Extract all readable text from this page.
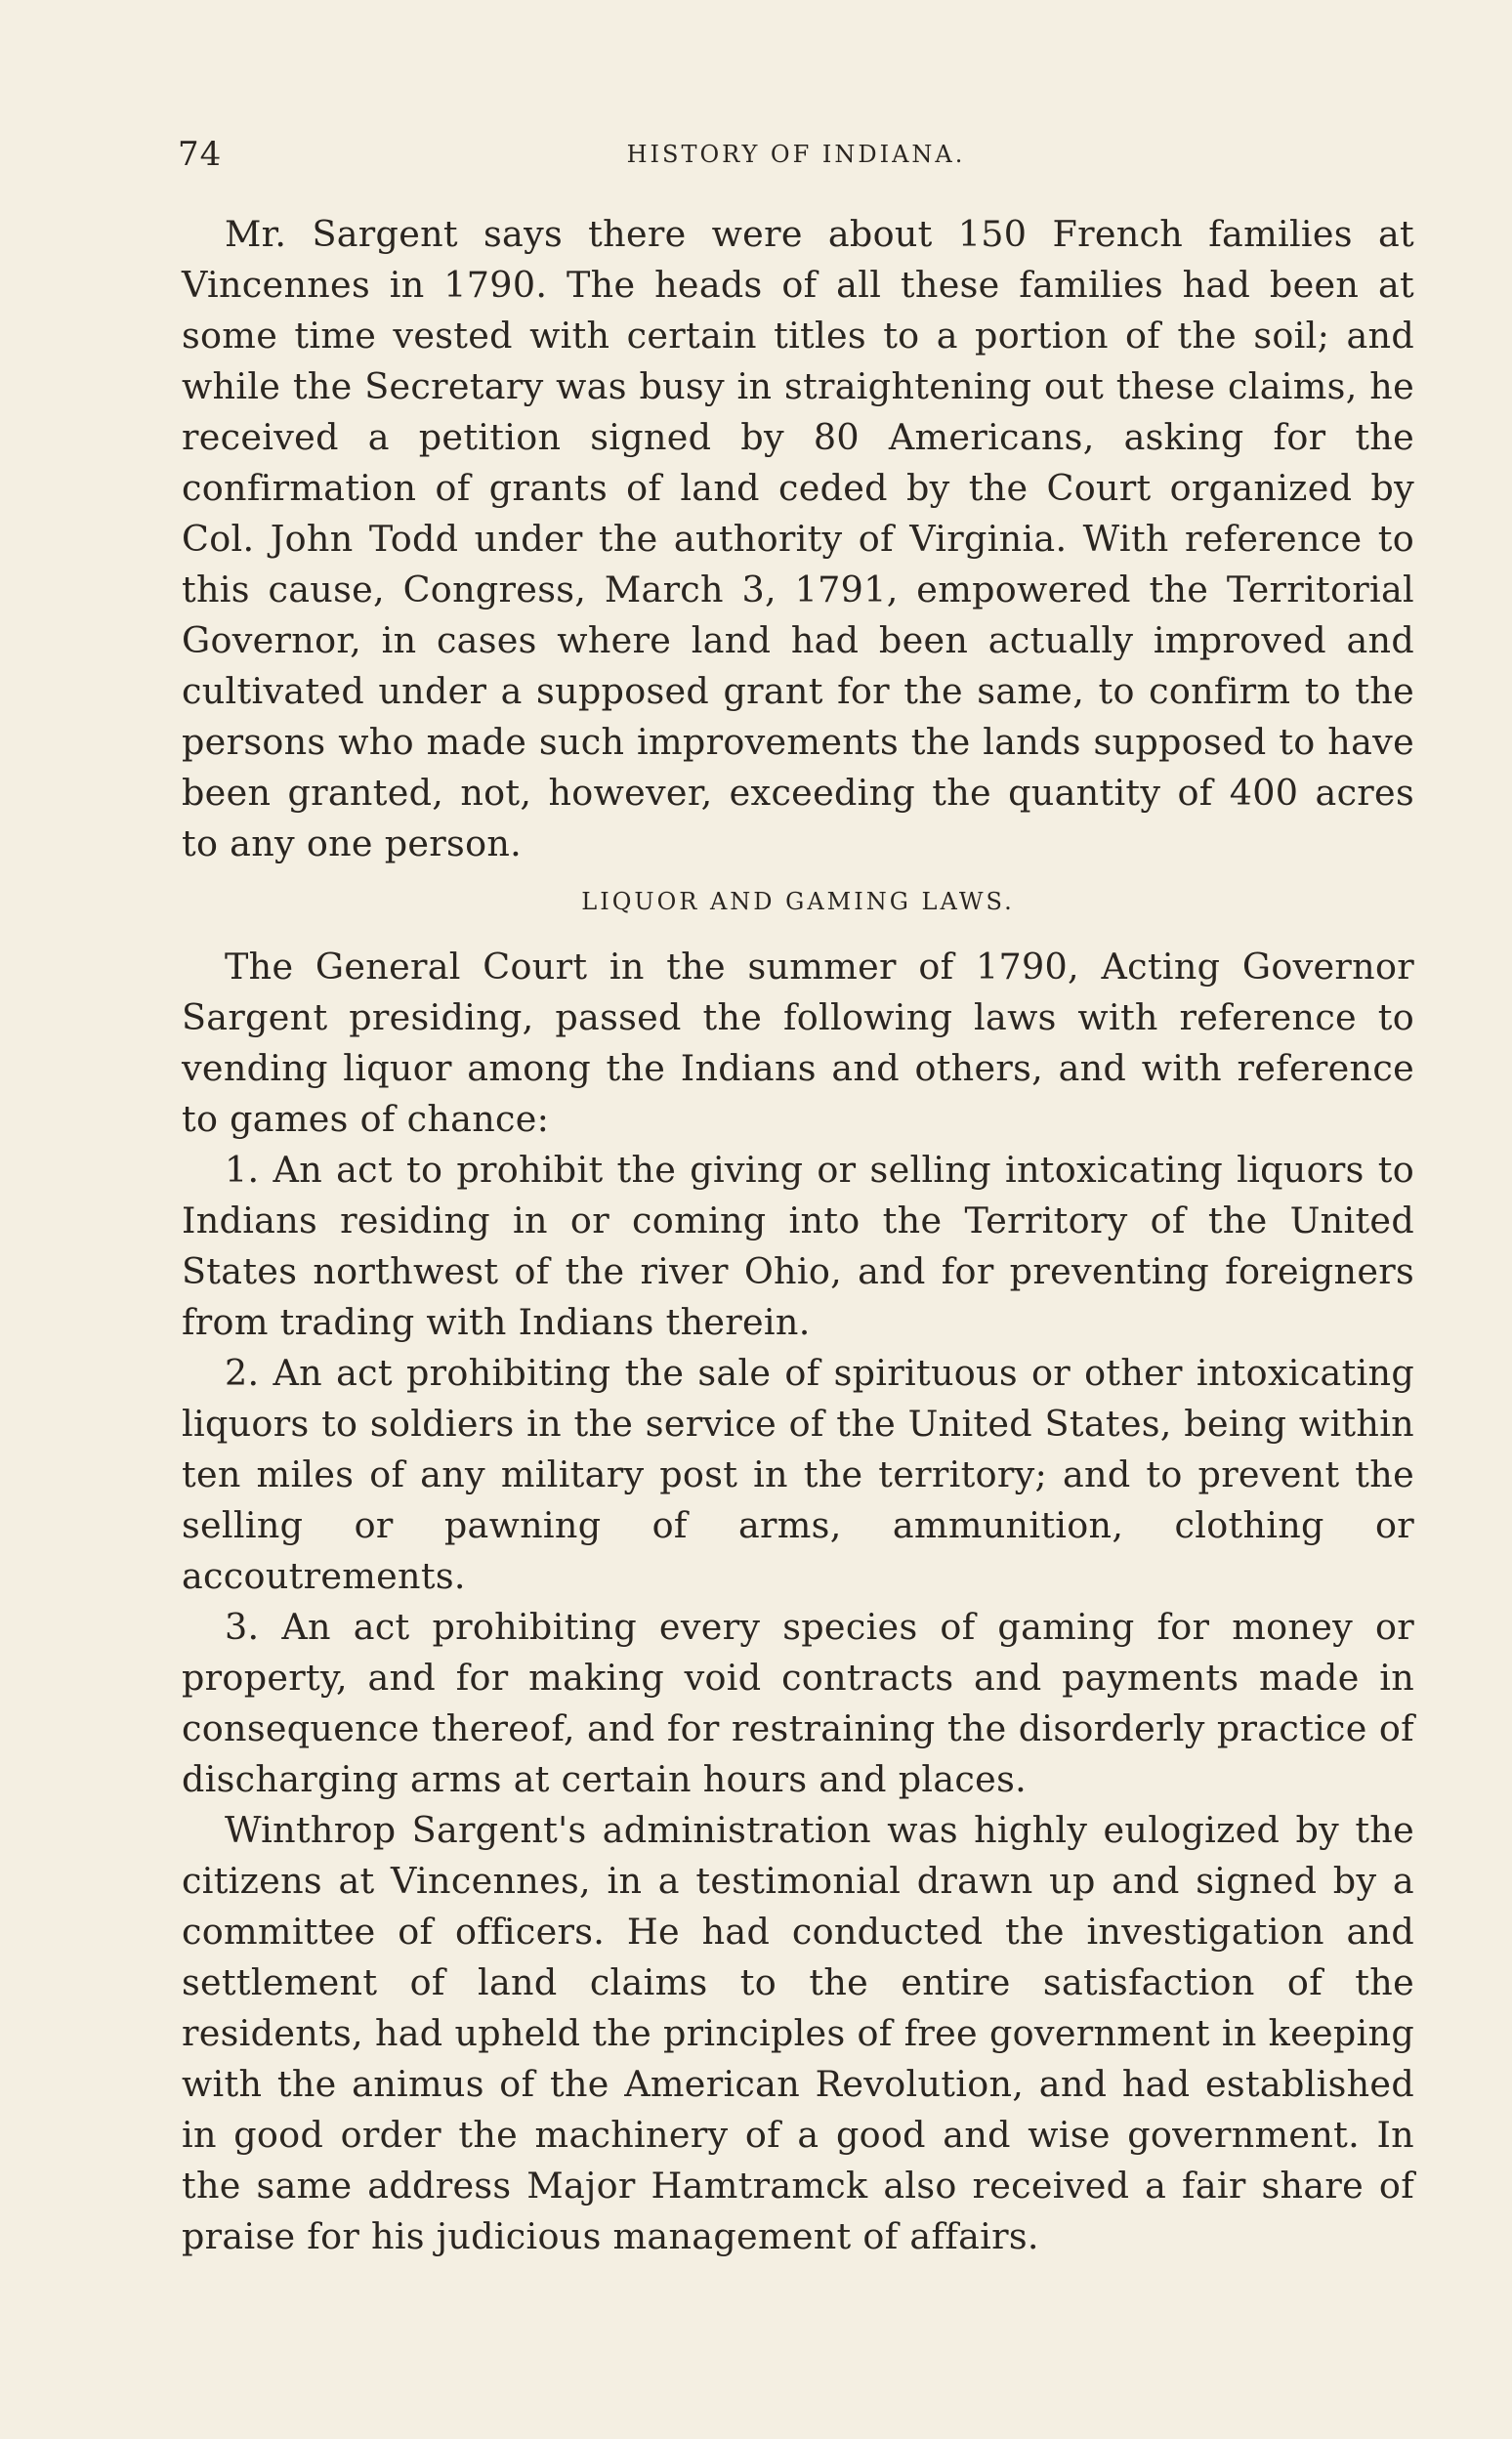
74	HISTORY OF INDIANA.

Mr. Sargent says there were about 150 French families at Vincennes in 1790. The heads of all these families had been at some time vested with certain titles to a portion of the soil; and while the Secretary was busy in straightening out these claims, he received a petition signed by 80 Americans, asking for the confirmation of grants of land ceded by the Court organized by Col. John Todd under the authority of Virginia. With reference to this cause, Congress, March 3, 1791, empowered the Territorial Governor, in cases where land had been actually improved and cultivated under a supposed grant for the same, to confirm to the persons who made such improvements the lands supposed to have been granted, not, however, exceeding the quantity of 400 acres to any one person.

LIQUOR AND GAMING LAWS.

The General Court in the summer of 1790, Acting Governor Sargent presiding, passed the following laws with reference to vending liquor among the Indians and others, and with reference to games of chance:

1. An act to prohibit the giving or selling intoxicating liquors to Indians residing in or coming into the Territory of the United States northwest of the river Ohio, and for preventing foreigners from trading with Indians therein.

2. An act prohibiting the sale of spirituous or other intoxicating liquors to soldiers in the service of the United States, being within ten miles of any military post in the territory; and to prevent the selling or pawning of arms, ammunition, clothing or accoutrements.

3. An act prohibiting every species of gaming for money or property, and for making void contracts and payments made in consequence thereof, and for restraining the disorderly practice of discharging arms at certain hours and places.

Winthrop Sargent's administration was highly eulogized by the citizens at Vincennes, in a testimonial drawn up and signed by a committee of officers. He had conducted the investigation and settlement of land claims to the entire satisfaction of the residents, had upheld the principles of free government in keeping with the animus of the American Revolution, and had established in good order the machinery of a good and wise government. In the same address Major Hamtramck also received a fair share of praise for his judicious management of affairs.
